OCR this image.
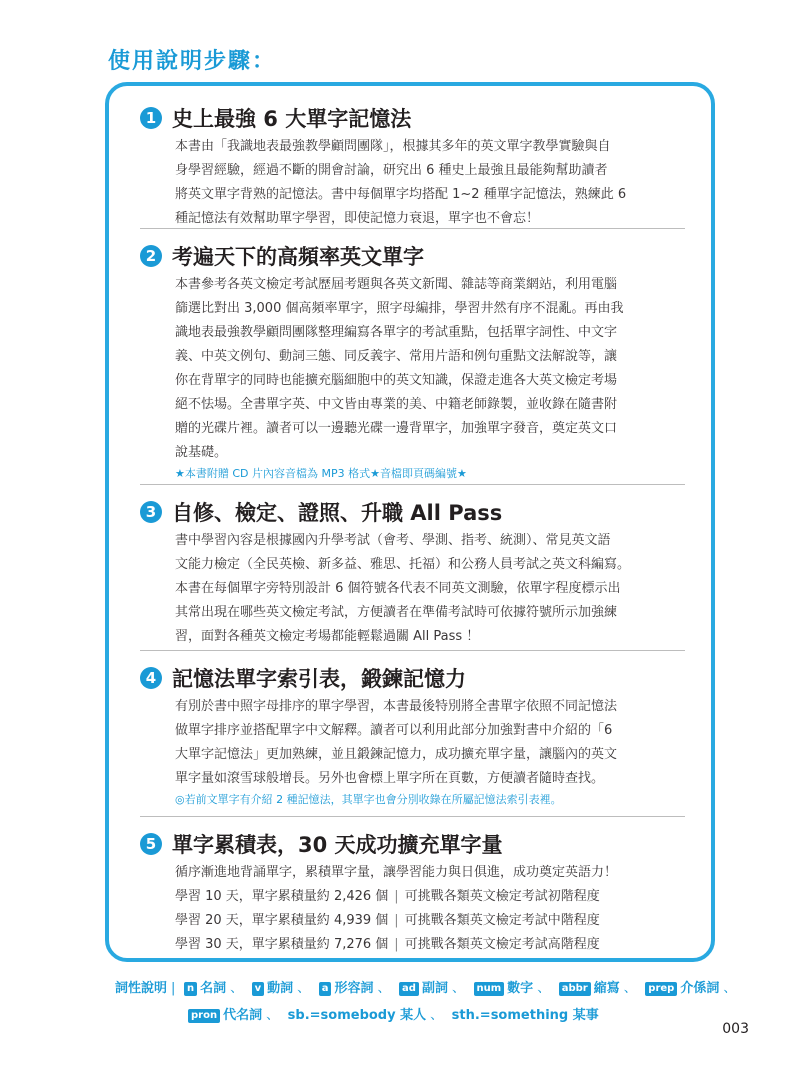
使用說明步驟：
1 史上最強 6 大單字記憶法

本書由「我識地表最強教學顧問團隊」，根據其多年的英文單字教學實驗與自

身學習經驗，經過不斷的開會討論，研究出 6 種史上最強且最能夠幫助讀者

將英文單字背熟的記憶法。書中每個單字均搭配 1~2 種單字記憶法，熟練此 6

種記憶法有效幫助單字學習，即使記憶力衰退，單字也不會忘！

2 考遍天下的高頻率英文單字

本書參考各英文檢定考試歷屆考題與各英文新聞、雜誌等商業網站，利用電腦

篩選比對出 3,000 個高頻率單字，照字母編排，學習井然有序不混亂。再由我

識地表最強教學顧問團隊整理編寫各單字的考試重點，包括單字詞性、中文字

義、中英文例句、動詞三態、同反義字、常用片語和例句重點文法解說等，讓

你在背單字的同時也能擴充腦細胞中的英文知識，保證走進各大英文檢定考場

絕不怯場。全書單字英、中文皆由專業的美、中籍老師錄製，並收錄在隨書附

贈的光碟片裡。讀者可以一邊聽光碟一邊背單字，加強單字發音，奠定英文口

說基礎。

★本書附贈 CD 片內容音檔為 MP3 格式★音檔即頁碼編號★
3 自修、檢定、證照、升職 All Pass

書中學習內容是根據國內升學考試（會考、學測、指考、統測）、常見英文語

文能力檢定（全民英檢、新多益、雅思、托福）和公務人員考試之英文科編寫。

本書在每個單字旁特別設計 6 個符號各代表不同英文測驗，依單字程度標示出

其常出現在哪些英文檢定考試，方便讀者在準備考試時可依據符號所示加強練

習，面對各種英文檢定考場都能輕鬆過關 All Pass ！

4 記憶法單字索引表，鍛鍊記憶力

有別於書中照字母排序的單字學習，本書最後特別將全書單字依照不同記憶法

做單字排序並搭配單字中文解釋。讀者可以利用此部分加強對書中介紹的「6

大單字記憶法」更加熟練，並且鍛鍊記憶力，成功擴充單字量，讓腦內的英文

單字量如滾雪球般增長。另外也會標上單字所在頁數，方便讀者隨時查找。

◎若前文單字有介紹 2 種記憶法，其單字也會分別收錄在所屬記憶法索引表裡。
5 單字累積表，30 天成功擴充單字量

循序漸進地背誦單字，累積單字量，讓學習能力與日俱進，成功奠定英語力！

學習 10 天，單字累積量約 2,426 個 | 可挑戰各類英文檢定考試初階程度

學習 20 天，單字累積量約 4,939 個 | 可挑戰各類英文檢定考試中階程度

學習 30 天，單字累積量約 7,276 個 | 可挑戰各類英文檢定考試高階程度

詞性說明 | n 名詞 、 v 動詞 、 a 形容詞 、 ad 副詞 、 num 數字 、 abbr 縮寫 、 prep 介係詞 、
pron 代名詞 、 sb.=somebody 某人 、 sth.=something 某事
003
